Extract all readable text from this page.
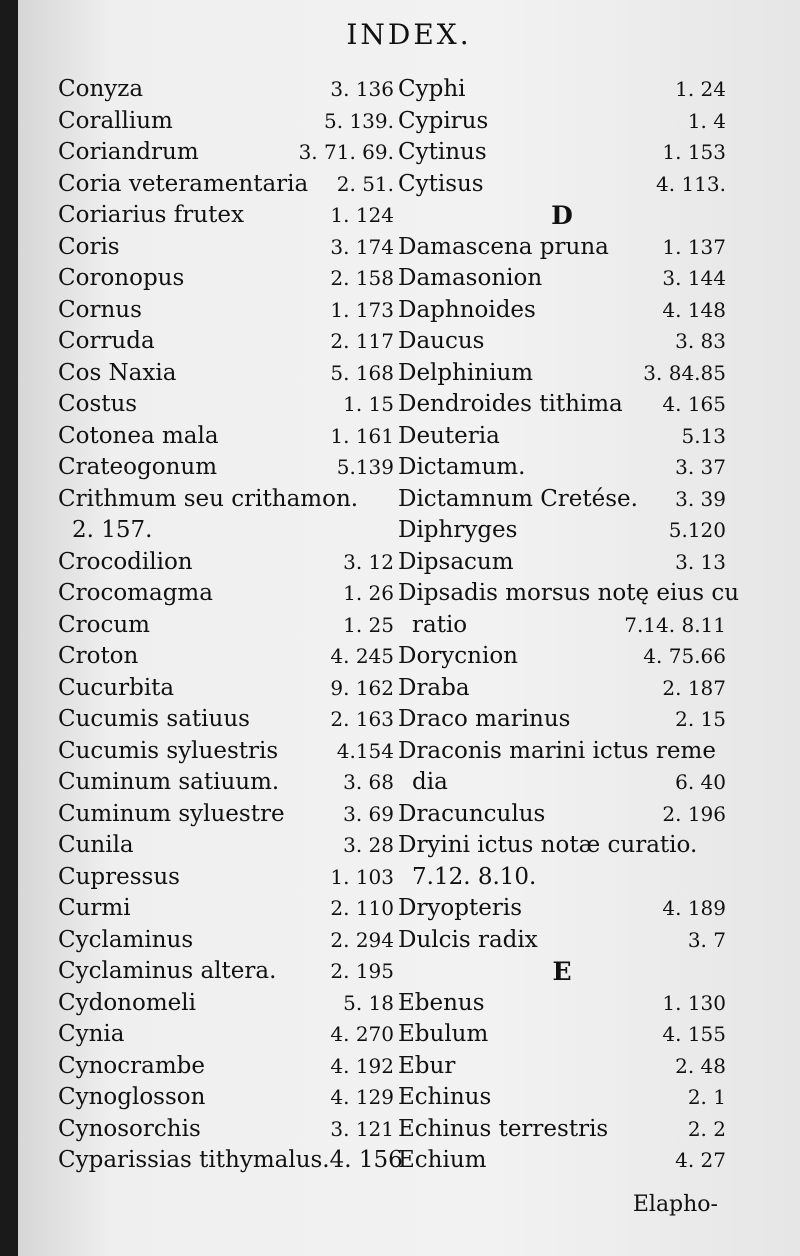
INDEX.
Conyza	3. 136
Corallium	5. 139.
Coriandrum	3. 71. 69.
Coria veteramentaria 2. 51.
Coriarius frutex	1. 124
Coris	3. 174
Coronopus	2. 158
Cornus	1. 173
Corruda	2. 117
Cos Naxia	5. 168
Costus	1. 15
Cotonea mala	1. 161
Crateogonum	5.139
Crithmum seu crithamon.
2. 157.
Crocodilion	3. 12
Crocomagma	1. 26
Crocum	1. 25
Croton	4. 245
Cucurbita	9. 162
Cucumis satiuus	2. 163
Cucumis syluestris	4.154
Cuminum satiuum.	3. 68
Cuminum syluestre	3. 69
Cunila	3. 28
Cupressus	1. 103
Curmi	2. 110
Cyclaminus	2. 294
Cyclaminus altera.	2. 195
Cydonomeli	5. 18
Cynia	4. 270
Cynocrambe	4. 192
Cynoglosson	4. 129
Cynosorchis	3. 121
Cyparissias tithymalus.4. 156
Cyphi	1. 24
Cypirus	1. 4
Cytinus	1. 153
Cytisus	4. 113.
D
Damascena pruna	1. 137
Damasonion	3. 144
Daphnoides	4. 148
Daucus	3. 83
Delphinium	3. 84.85
Dendroides tithima 4. 165
Deuteria	5.13
Dictamum.	3. 37
Dictamnum Cretése. 3. 39
Diphryges	5.120
Dipsacum	3. 13
Dipsadis morsus notę eius cu
ratio	7.14. 8.11
Dorycnion	4. 75.66
Draba	2. 187
Draco marinus	2. 15
Draconis marini ictus reme
dia	6. 40
Dracunculus	2. 196
Dryini ictus notæ curatio.
7.12. 8.10.
Dryopteris	4. 189
Dulcis radix	3. 7
E
Ebenus	1. 130
Ebulum	4. 155
Ebur	2. 48
Echinus	2. 1
Echinus terrestris	2. 2
Echium	4. 27
Elapho-
